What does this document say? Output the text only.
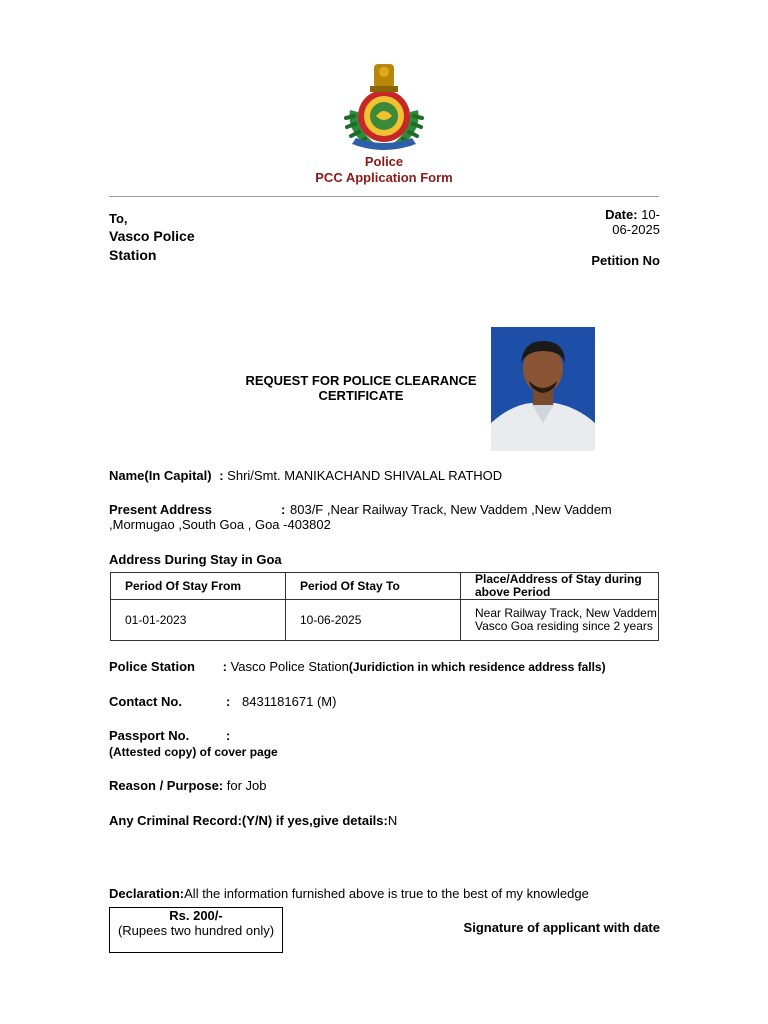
Police
PCC Application Form
To,
Vasco Police
Station
Date: 10-
06-2025
Petition No
REQUEST FOR POLICE CLEARANCE
CERTIFICATE
Name(In Capital) : Shri/Smt. MANIKACHAND SHIVALAL RATHOD
Present Address	: 803/F ,Near Railway Track, New Vaddem ,New Vaddem
,Mormugao ,South Goa , Goa -403802
Address During Stay in Goa
Period Of Stay From	Period Of Stay To	Place/Address of Stay during above Period
01-01-2023	10-06-2025	Near Railway Track, New Vaddem Vasco Goa residing since 2 years
Police Station : Vasco Police Station(Juridiction in which residence address falls)
Contact No.	: 8431181671 (M)
Passport No.	:
(Attested copy) of cover page
Reason / Purpose: for Job
Any Criminal Record:(Y/N) if yes,give details:N
Declaration:All the information furnished above is true to the best of my knowledge
Rs. 200/-
(Rupees two hundred only)	Signature of applicant with date
